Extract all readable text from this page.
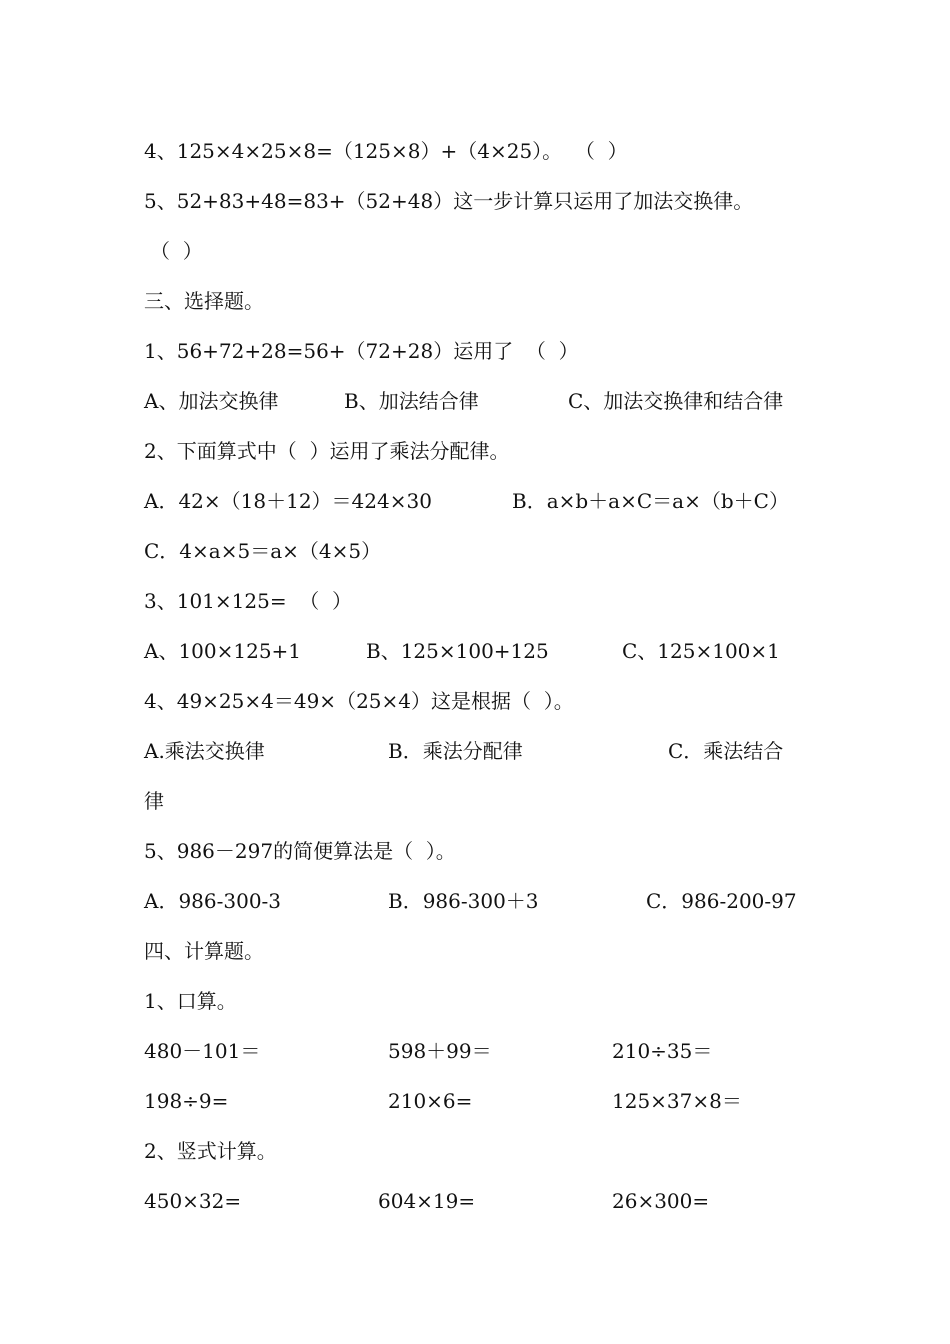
4、125×4×25×8=（125×8）+（4×25）。  （  ）
5、52+83+48=83+（52+48）这一步计算只运用了加法交换律。
（  ）
三、选择题。
1、56+72+28=56+（72+28）运用了  （  ）
A、加法交换律	B、加法结合律	C、加法交换律和结合律
2、下面算式中（  ）运用了乘法分配律。
A．42×（18＋12）＝424×30	B．a×b＋a×C＝a×（b＋C）
C．4×a×5＝a×（4×5）
3、101×125=  （  ）
A、100×125+1	B、125×100+125	C、125×100×1
4、49×25×4＝49×（25×4）这是根据（  ）。
A.乘法交换律	B．乘法分配律	C．乘法结合
律
5、986－297的简便算法是（  ）。
A．986-300-3	B．986-300＋3	C．986-200-97
四、计算题。
1、口算。
480－101＝	598＋99＝	210÷35＝
198÷9=	210×6=	125×37×8＝
2、竖式计算。
450×32=	604×19=	26×300=
